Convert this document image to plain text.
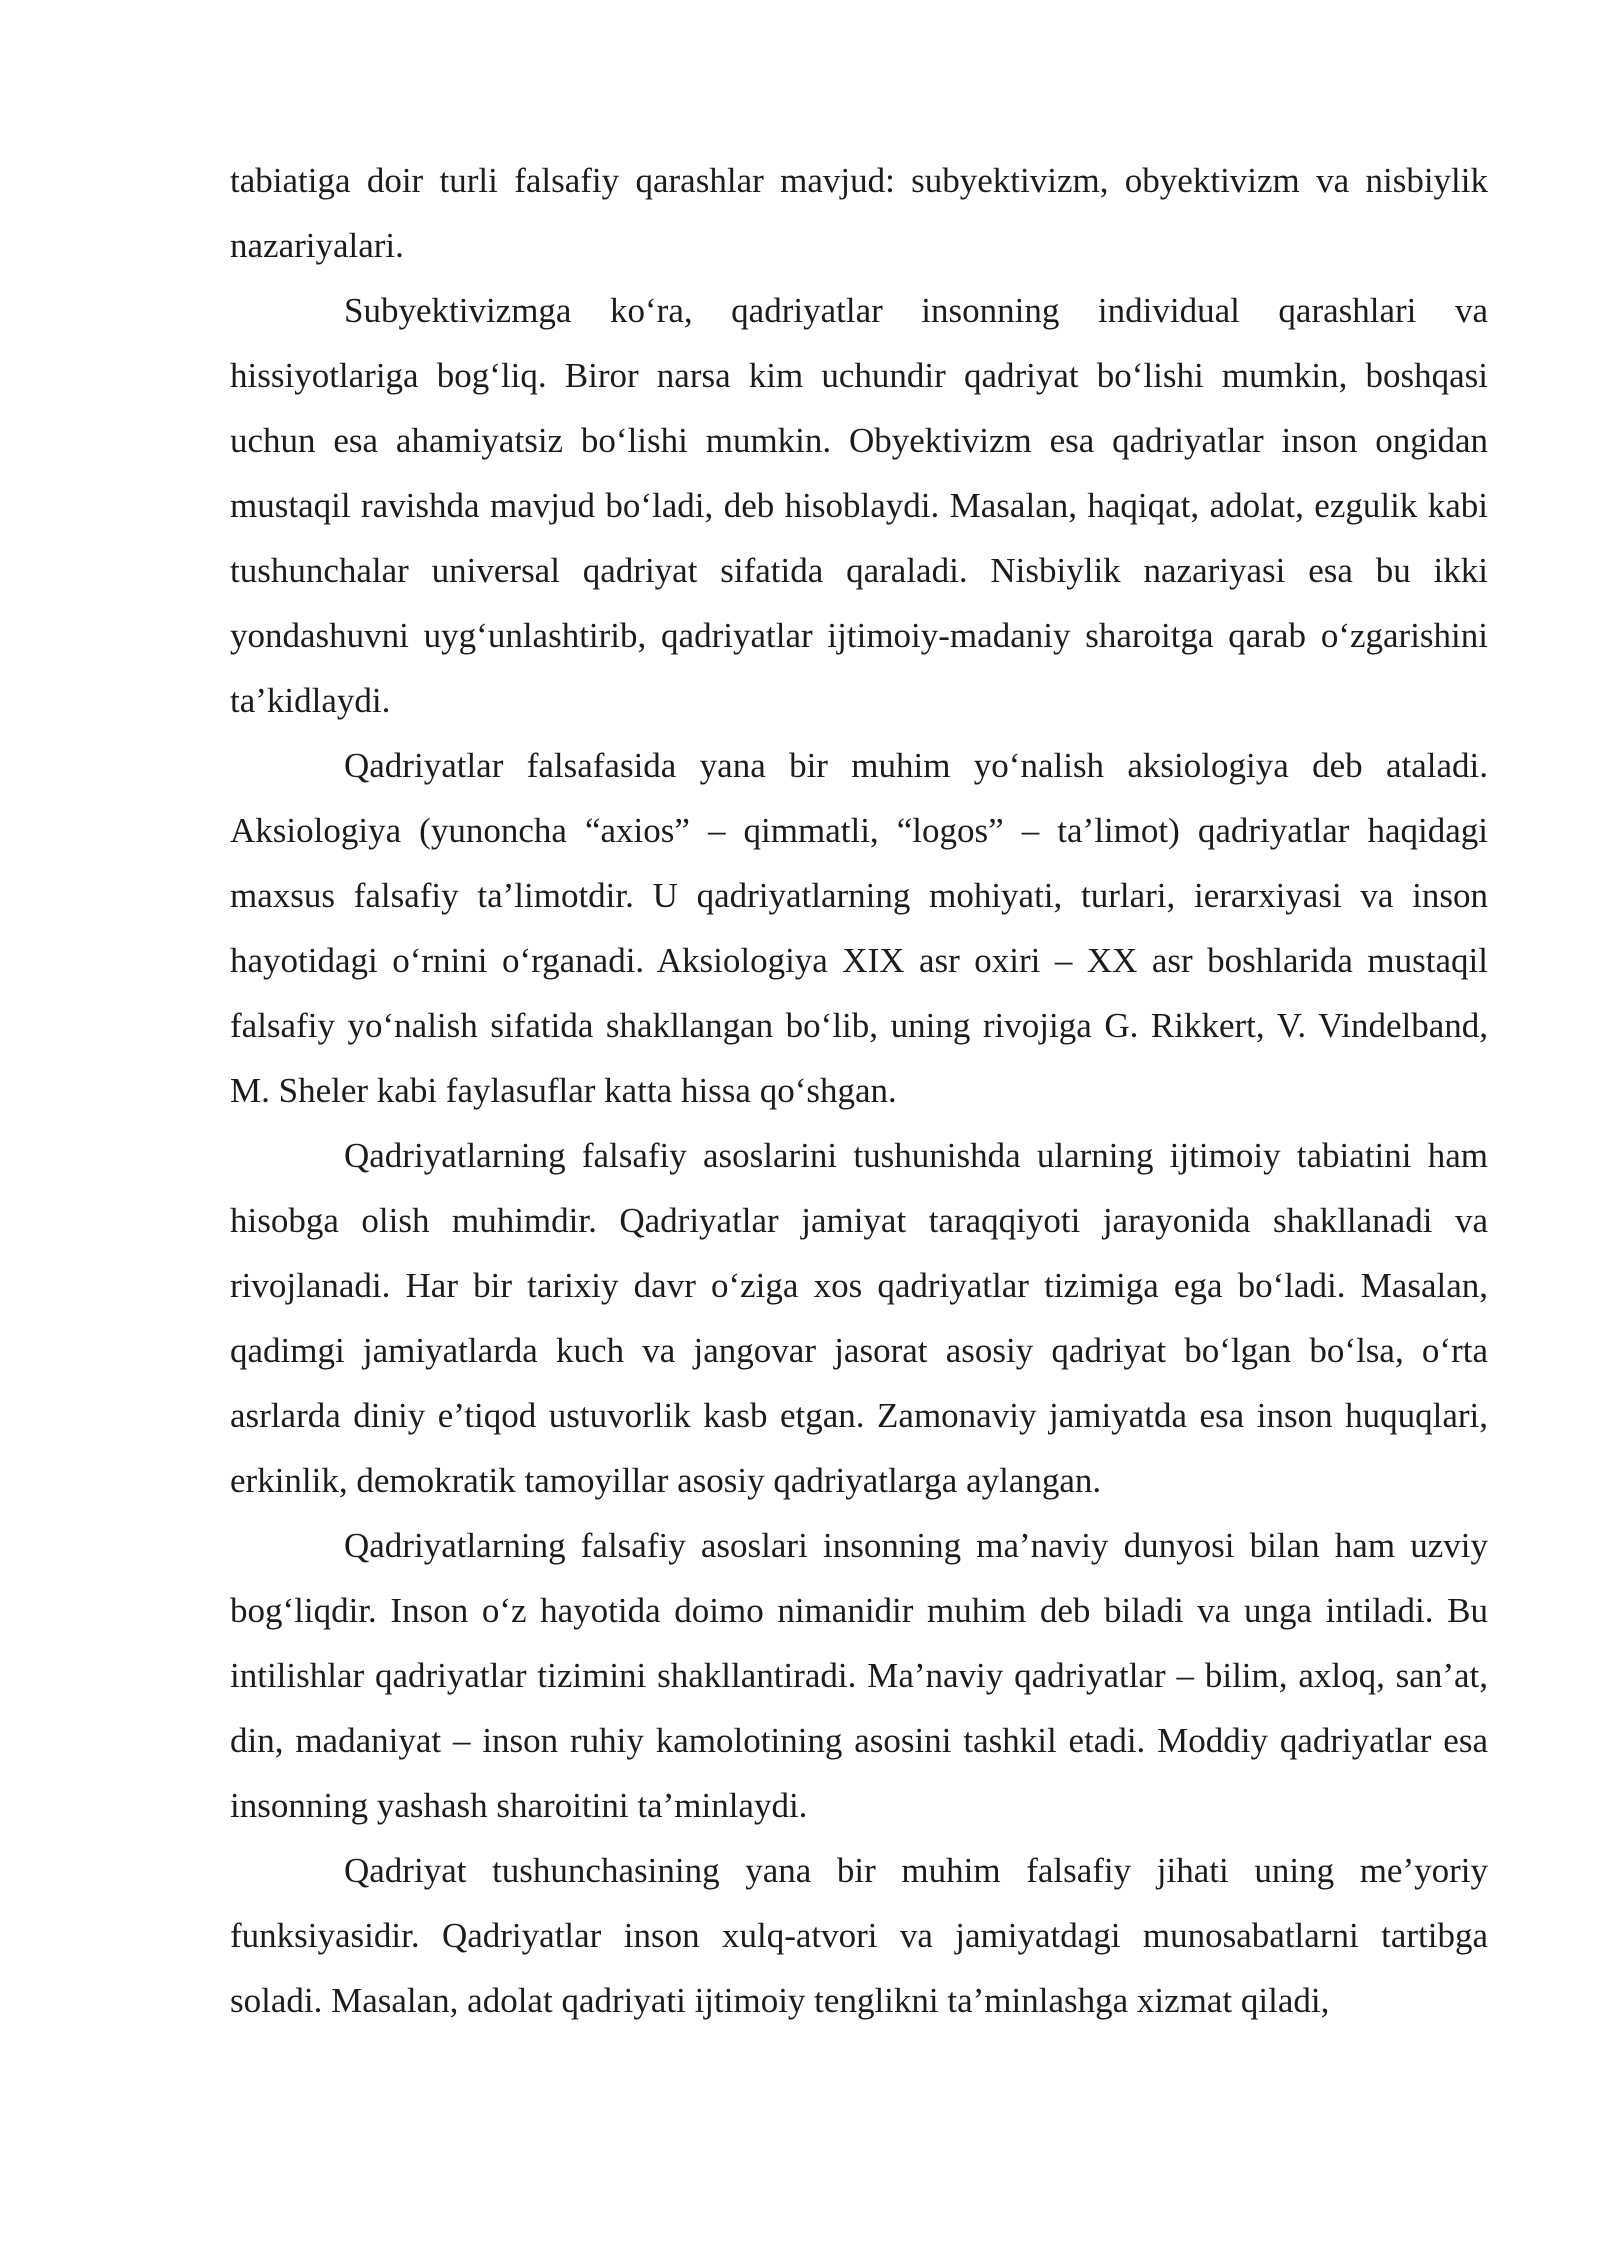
tabiatiga doir turli falsafiy qarashlar mavjud: subyektivizm, obyektivizm va nisbiylik nazariyalari.

Subyektivizmga ko‘ra, qadriyatlar insonning individual qarashlari va hissiyotlariga bog‘liq. Biror narsa kim uchundir qadriyat bo‘lishi mumkin, boshqasi uchun esa ahamiyatsiz bo‘lishi mumkin. Obyektivizm esa qadriyatlar inson ongidan mustaqil ravishda mavjud bo‘ladi, deb hisoblaydi. Masalan, haqiqat, adolat, ezgulik kabi tushunchalar universal qadriyat sifatida qaraladi. Nisbiylik nazariyasi esa bu ikki yondashuvni uyg‘unlashtirib, qadriyatlar ijtimoiy-madaniy sharoitga qarab o‘zgarishini ta’kidlaydi.

Qadriyatlar falsafasida yana bir muhim yo‘nalish aksiologiya deb ataladi. Aksiologiya (yunoncha “axios” – qimmatli, “logos” – ta’limot) qadriyatlar haqidagi maxsus falsafiy ta’limotdir. U qadriyatlarning mohiyati, turlari, ierarxiyasi va inson hayotidagi o‘rnini o‘rganadi. Aksiologiya XIX asr oxiri – XX asr boshlarida mustaqil falsafiy yo‘nalish sifatida shakllangan bo‘lib, uning rivojiga G. Rikkert, V. Vindelband, M. Sheler kabi faylasuflar katta hissa qo‘shgan.

Qadriyatlarning falsafiy asoslarini tushunishda ularning ijtimoiy tabiatini ham hisobga olish muhimdir. Qadriyatlar jamiyat taraqqiyoti jarayonida shakllanadi va rivojlanadi. Har bir tarixiy davr o‘ziga xos qadriyatlar tizimiga ega bo‘ladi. Masalan, qadimgi jamiyatlarda kuch va jangovar jasorat asosiy qadriyat bo‘lgan bo‘lsa, o‘rta asrlarda diniy e’tiqod ustuvorlik kasb etgan. Zamonaviy jamiyatda esa inson huquqlari, erkinlik, demokratik tamoyillar asosiy qadriyatlarga aylangan.

Qadriyatlarning falsafiy asoslari insonning ma’naviy dunyosi bilan ham uzviy bog‘liqdir. Inson o‘z hayotida doimo nimanidir muhim deb biladi va unga intiladi. Bu intilishlar qadriyatlar tizimini shakllantiradi. Ma’naviy qadriyatlar – bilim, axloq, san’at, din, madaniyat – inson ruhiy kamolotining asosini tashkil etadi. Moddiy qadriyatlar esa insonning yashash sharoitini ta’minlaydi.

Qadriyat tushunchasining yana bir muhim falsafiy jihati uning me’yoriy funksiyasidir. Qadriyatlar inson xulq-atvori va jamiyatdagi munosabatlarni tartibga soladi. Masalan, adolat qadriyati ijtimoiy tenglikni ta’minlashga xizmat qiladi,
